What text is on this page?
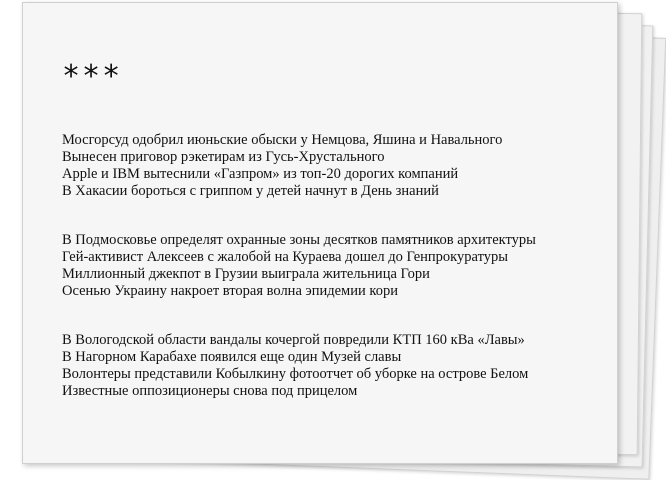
***
Мосгорсуд одобрил июньские обыски у Немцова, Яшина и Навального
Вынесен приговор рэкетирам из Гусь-Хрустального
Apple и IBM вытеснили «Газпром» из топ-20 дорогих компаний
В Хакасии бороться с гриппом у детей начнут в День знаний
В Подмосковье определят охранные зоны десятков памятников архитектуры
Гей-активист Алексеев с жалобой на Кураева дошел до Генпрокуратуры
Миллионный джекпот в Грузии выиграла жительница Гори
Осенью Украину накроет вторая волна эпидемии кори
В Вологодской области вандалы кочергой повредили КТП 160 кВа «Лавы»
В Нагорном Карабахе появился еще один Музей славы
Волонтеры представили Кобылкину фотоотчет об уборке на острове Белом
Известные оппозиционеры снова под прицелом
